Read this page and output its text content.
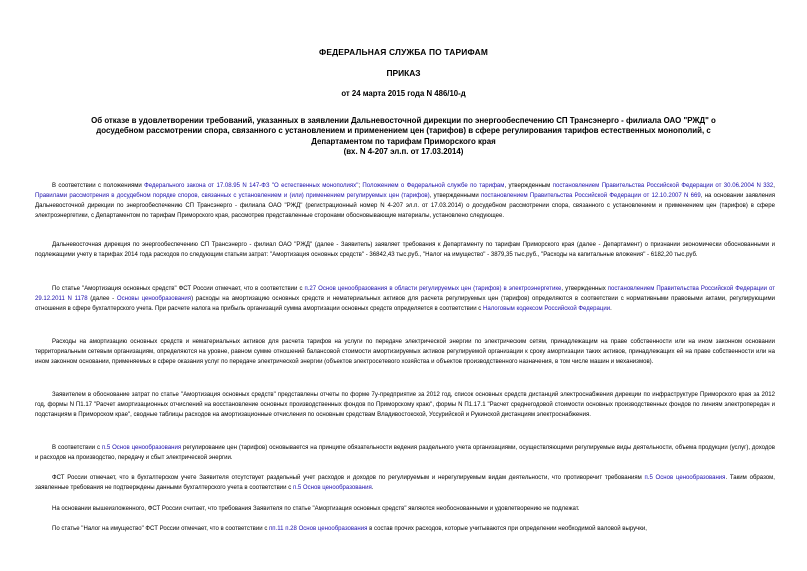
ФЕДЕРАЛЬНАЯ СЛУЖБА ПО ТАРИФАМ
ПРИКАЗ
от 24 марта 2015 года N 486/10-д
Об отказе в удовлетворении требований, указанных в заявлении Дальневосточной дирекции по энергообеспечению СП Трансэнерго - филиала ОАО "РЖД" о
досудебном рассмотрении спора, связанного с установлением и применением цен (тарифов) в сфере регулирования тарифов естественных монополий, с
Департаментом по тарифам Приморского края
(вх. N 4-207 эл.п. от 17.03.2014)

В соответствии с положениями Федерального закона от 17.08.95 N 147-ФЗ "О естественных монополиях"; Положением о Федеральной службе по тарифам, утвержденным постановлением Правительства Российской Федерации от 30.06.2004 N 332, Правилами рассмотрения в досудебном порядке споров, связанных с установлением и (или) применением регулируемых цен (тарифов), утвержденными постановлением Правительства Российской Федерации от 12.10.2007 N 669, на основании заявления Дальневосточной дирекции по энергообеспечению СП Трансэнерго - филиала ОАО "РЖД" (регистрационный номер N 4-207 эл.п. от 17.03.2014) о досудебном рассмотрении спора, связанного с установлением и применением цен (тарифов) в сфере электроэнергетики, с Департаментом по тарифам Приморского края, рассмотрев представленные сторонами обосновывающие материалы, установлено следующее.

Дальневосточная дирекция по энергообеспечению СП Трансэнерго - филиал ОАО "РЖД" (далее - Заявитель) заявляет требования к Департаменту по тарифам Приморского края (далее - Департамент) о признании экономически обоснованными и подлежащими учету в тарифах 2014 года расходов по следующим статьям затрат: "Амортизация основных средств" - 36842,43 тыс.руб., "Налог на имущество" - 3879,35 тыс.руб., "Расходы на капитальные вложения" - 6182,20 тыс.руб.

По статье "Амортизация основных средств" ФСТ России отмечает, что в соответствии с п.27 Основ ценообразования в области регулируемых цен (тарифов) в электроэнергетике, утвержденных постановлением Правительства Российской Федерации от 29.12.2011 N 1178 (далее - Основы ценообразования) расходы на амортизацию основных средств и нематериальных активов для расчета регулируемых цен (тарифов) определяются в соответствии с нормативными правовыми актами, регулирующими отношения в сфере бухгалтерского учета. При расчете налога на прибыль организаций сумма амортизации основных средств определяется в соответствии с Налоговым кодексом Российской Федерации.

Расходы на амортизацию основных средств и нематериальных активов для расчета тарифов на услуги по передаче электрической энергии по электрическим сетям, принадлежащим на праве собственности или на ином законном основании территориальным сетевым организациям, определяются на уровне, равном сумме отношений балансовой стоимости амортизируемых активов регулируемой организации к сроку амортизации таких активов, принадлежащих ей на праве собственности или на ином законном основании, применяемых в сфере оказания услуг по передаче электрической энергии (объектов электросетевого хозяйства и объектов производственного назначения, в том числе машин и механизмов).

Заявителем в обоснование затрат по статье "Амортизация основных средств" представлены отчеты по форме 7у-предприятие за 2012 год, список основных средств дистанций электроснабжения дирекции по инфраструктуре Приморского края за 2012 год, формы N П1.17 "Расчет амортизационных отчислений на восстановление основных производственных фондов по Приморскому краю", формы N П1.17.1 "Расчет среднегодовой стоимости основных производственных фондов по линиям электропередач и подстанциям в Приморском крае", сводные таблицы расходов на амортизационные отчисления по основным средствам Владивостокской, Уссурийской и Рукинской дистанциям электроснабжения.

В соответствии с п.5 Основ ценообразования регулирование цен (тарифов) основывается на принципе обязательности ведения раздельного учета организациями, осуществляющими регулируемые виды деятельности, объема продукции (услуг), доходов и расходов на производство, передачу и сбыт электрической энергии.

ФСТ России отмечает, что в бухгалтерском учете Заявителя отсутствует раздельный учет расходов и доходов по регулируемым и нерегулируемым видам деятельности, что противоречит требованиям п.5 Основ ценообразования. Таким образом, заявленные требования не подтверждены данными бухгалтерского учета в соответствии с п.5 Основ ценообразования.

На основании вышеизложенного, ФСТ России считает, что требования Заявителя по статье "Амортизация основных средств" являются необоснованными и удовлетворению не подлежат.

По статье "Налог на имущество" ФСТ России отмечает, что в соответствии с пп.11 п.28 Основ ценообразования в состав прочих расходов, которые учитываются при определении необходимой валовой выручки,
